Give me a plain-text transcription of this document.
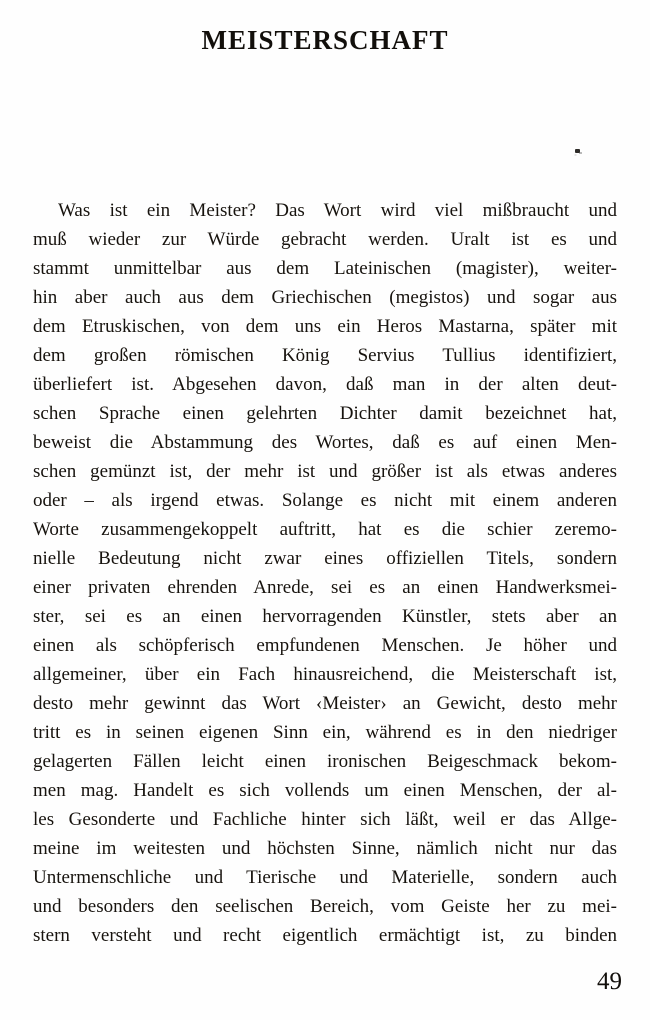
MEISTERSCHAFT
Was ist ein Meister? Das Wort wird viel mißbraucht und
muß wieder zur Würde gebracht werden. Uralt ist es und
stammt unmittelbar aus dem Lateinischen (magister), weiter-
hin aber auch aus dem Griechischen (megistos) und sogar aus
dem Etruskischen, von dem uns ein Heros Mastarna, später mit
dem großen römischen König Servius Tullius identifiziert,
überliefert ist. Abgesehen davon, daß man in der alten deut-
schen Sprache einen gelehrten Dichter damit bezeichnet hat,
beweist die Abstammung des Wortes, daß es auf einen Men-
schen gemünzt ist, der mehr ist und größer ist als etwas anderes
oder – als irgend etwas. Solange es nicht mit einem anderen
Worte zusammengekoppelt auftritt, hat es die schier zeremo-
nielle Bedeutung nicht zwar eines offiziellen Titels, sondern
einer privaten ehrenden Anrede, sei es an einen Handwerksmei-
ster, sei es an einen hervorragenden Künstler, stets aber an
einen als schöpferisch empfundenen Menschen. Je höher und
allgemeiner, über ein Fach hinausreichend, die Meisterschaft ist,
desto mehr gewinnt das Wort ‹Meister› an Gewicht, desto mehr
tritt es in seinen eigenen Sinn ein, während es in den niedriger
gelagerten Fällen leicht einen ironischen Beigeschmack bekom-
men mag. Handelt es sich vollends um einen Menschen, der al-
les Gesonderte und Fachliche hinter sich läßt, weil er das Allge-
meine im weitesten und höchsten Sinne, nämlich nicht nur das
Untermenschliche und Tierische und Materielle, sondern auch
und besonders den seelischen Bereich, vom Geiste her zu mei-
stern versteht und recht eigentlich ermächtigt ist, zu binden
49
